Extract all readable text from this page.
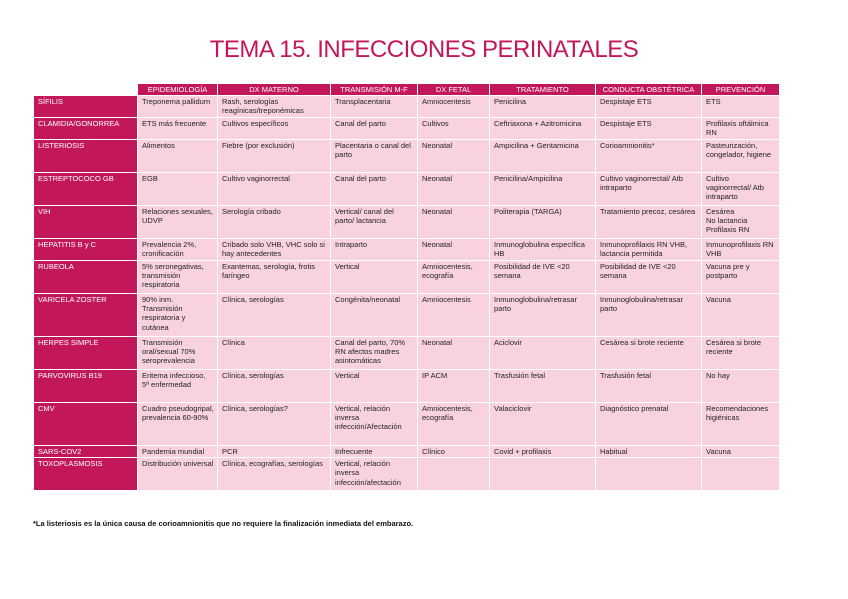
TEMA 15. INFECCIONES PERINATALES
	EPIDEMIOLOGÍA	DX MATERNO	TRANSMISIÓN M-F	DX FETAL	TRATAMIENTO	CONDUCTA OBSTÉTRICA	PREVENCIÓN
SÍFILIS	Treponema pallidum	Rash, serologías reagínicas/treponémicas	Transplacentaria	Amniocentesis	Penicilina	Despistaje ETS	ETS
CLAMIDIA/GONORREA	ETS más frecuente	Cultivos específicos	Canal del parto	Cultivos	Ceftriaxona + Azitromicina	Despistaje ETS	Profilaxis oftálmica RN
LISTERIOSIS	Alimentos	Fiebre (por exclusión)	Placentaria o canal del parto	Neonatal	Ampicilina + Gentamicina	Corioamnionitis*	Pasteurización, congelador, higiene
ESTREPTOCOCO GB	EGB	Cultivo vaginorrectal	Canal del parto	Neonatal	Penicilina/Ampicilina	Cultivo vaginorrectal/ Atb intraparto	Cultivo vaginorrectal/ Atb intraparto
VIH	Relaciones sexuales, UDVP	Serología cribado	Vertical/ canal del parto/ lactancia	Neonatal	Politerapia (TARGA)	Tratamiento precoz, cesárea	Cesárea
No lactancia
Profilaxis RN
HEPATITIS B y C	Prevalencia 2%, cronificación	Cribado solo VHB, VHC solo si hay antecedentes	Intraparto	Neonatal	Inmunoglobulina específica HB	Inmunoprofilaxis RN VHB, lactancia permitida	Inmunoprofilaxis RN VHB
RUBEOLA	5% seronegativas, transmisión respiratoria	Exantemas, serología, frotis faríngeo	Vertical	Amniocentesis, ecografía	Posibilidad de IVE <20 semana	Posibilidad de IVE <20 semana	Vacuna pre y postparto
VARICELA ZOSTER	90% inm. Transmisión respiratoria y cutánea	Clínica, serologías	Congénita/neonatal	Amniocentesis	Inmunoglobulina/retrasar parto	Inmunoglobulina/retrasar parto	Vacuna
HERPES SIMPLE	Transmisión oral/sexual 70% seroprevalencia	Clínica	Canal del parto, 70% RN afectos madres asintomáticas	Neonatal	Aciclovir	Cesárea si brote reciente	Cesárea si brote reciente
PARVOVIRUS B19	Eritema infeccioso, 5ª enfermedad	Clínica, serologías	Vertical	IP ACM	Trasfusión fetal	Trasfusión fetal	No hay
CMV	Cuadro pseudogripal, prevalencia 60-90%	Clínica, serologías?	Vertical, relación inversa infección/Afectación	Amniocentesis, ecografía	Valaciclovir	Diagnóstico prenatal	Recomendaciones higiénicas
SARS-COV2	Pandemia mundial	PCR	Infrecuente	Clínico	Covid + profilaxis	Habitual	Vacuna
TOXOPLASMOSIS	Distribución universal	Clínica, ecografías, serologías	Vertical, relación inversa infección/afectación				
*La listeriosis es la única causa de corioamnionitis que no requiere la finalización inmediata del embarazo.
